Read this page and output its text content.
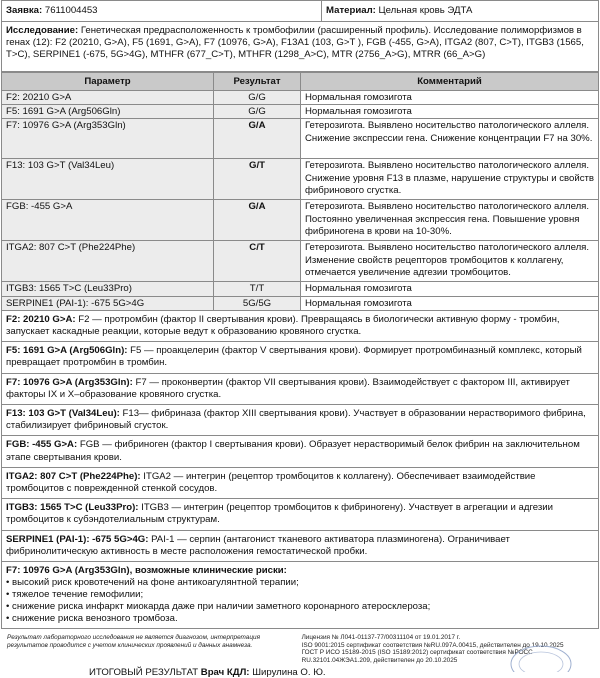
Заявка: 7611004453	Материал: Цельная кровь ЭДТА
Исследование: Генетическая предрасположенность к тромбофилии (расширенный профиль). Исследование полиморфизмов в генах (12): F2 (20210, G>A), F5 (1691, G>A), F7 (10976, G>A), F13A1 (103, G>T ), FGB (-455, G>A), ITGA2 (807, C>T), ITGB3 (1565, T>C), SERPINE1 (-675, 5G>4G), MTHFR (677_C>T), MTHFR (1298_A>C), MTR (2756_A>G), MTRR (66_A>G)
Параметр	Результат	Комментарий
F2: 20210 G>A	G/G	Нормальная гомозигота
F5: 1691 G>A (Arg506Gln)	G/G	Нормальная гомозигота
F7: 10976 G>A (Arg353Gln)	G/A	Гетерозигота. Выявлено носительство патологического аллеля. Снижение экспрессии гена. Снижение концентрации F7 на 30%.
F13: 103 G>T (Val34Leu)	G/T	Гетерозигота. Выявлено носительство патологического аллеля. Снижение уровня F13 в плазме, нарушение структуры и свойств фибринового сгустка.
FGB: -455 G>A	G/A	Гетерозигота. Выявлено носительство патологического аллеля. Постоянно увеличенная экспрессия гена. Повышение уровня фибриногена в крови на 10-30%.
ITGA2: 807 C>T (Phe224Phe)	C/T	Гетерозигота. Выявлено носительство патологического аллеля. Изменение свойств рецепторов тромбоцитов к коллагену, отмечается увеличение адгезии тромбоцитов.
ITGB3: 1565 T>C (Leu33Pro)	T/T	Нормальная гомозигота
SERPINE1 (PAI-1): -675 5G>4G	5G/5G	Нормальная гомозигота
F2: 20210 G>A: F2 — протромбин (фактор II свертывания крови). Превращаясь в биологически активную форму - тромбин, запускает каскадные реакции, которые ведут к образованию кровяного сгустка.
F5: 1691 G>A (Arg506Gln): F5 — проакцелерин (фактор V свертывания крови). Формирует протромбиназный комплекс, который превращает протромбин в тромбин.
F7: 10976 G>A (Arg353Gln): F7 — проконвертин (фактор VII свертывания крови). Взаимодействует с фактором III, активирует факторы IX и X–образование кровяного сгустка.
F13: 103 G>T (Val34Leu): F13— фибриназа (фактор XIII свертывания крови). Участвует в образовании нерастворимого фибрина, стабилизирует фибриновый сгусток.
FGB: -455 G>A: FGB — фибриноген (фактор I свертывания крови). Образует нерастворимый белок фибрин на заключительном этапе свертывания крови.
ITGA2: 807 C>T (Phe224Phe): ITGA2 — интегрин (рецептор тромбоцитов к коллагену). Обеспечивает взаимодействие тромбоцитов с поврежденной стенкой сосудов.
ITGB3: 1565 T>C (Leu33Pro): ITGB3 — интегрин (рецептор тромбоцитов к фибриногену). Участвует в агрегации и адгезии тромбоцитов к субэндотелиальным структурам.
SERPINE1 (PAI-1): -675 5G>4G: PAI-1 — серпин (антагонист тканевого активатора плазминогена). Ограничивает фибринолитическую активность в месте расположения гемостатической пробки.
F7: 10976 G>A (Arg353Gln), возможные клинические риски:
• высокий риск кровотечений на фоне антикоагулянтной терапии;
• тяжелое течение гемофилии;
• снижение риска инфаркт миокарда даже при наличии заметного коронарного атеросклероза;
• снижение риска венозного тромбоза.
Результат лабораторного исследования не является диагнозом, интерпретация результатов проводится с учетом клинических проявлений и данных анамнеза.
Лицензия № Л041-01137-77/00311104 от 19.01.2017 г.
ISO 9001:2015 сертификат соответствия №RU.097A.00415, действителен до 19.10.2025
ГОСТ Р ИСО 15189-2015 (ISO 15189:2012) сертификат соответствия №РОСС
RU.32101.04ЖЭА1.209, действителен до 20.10.2025
ИТОГОВЫЙ РЕЗУЛЬТАТ Врач КДЛ: Ширулина О. Ю.
